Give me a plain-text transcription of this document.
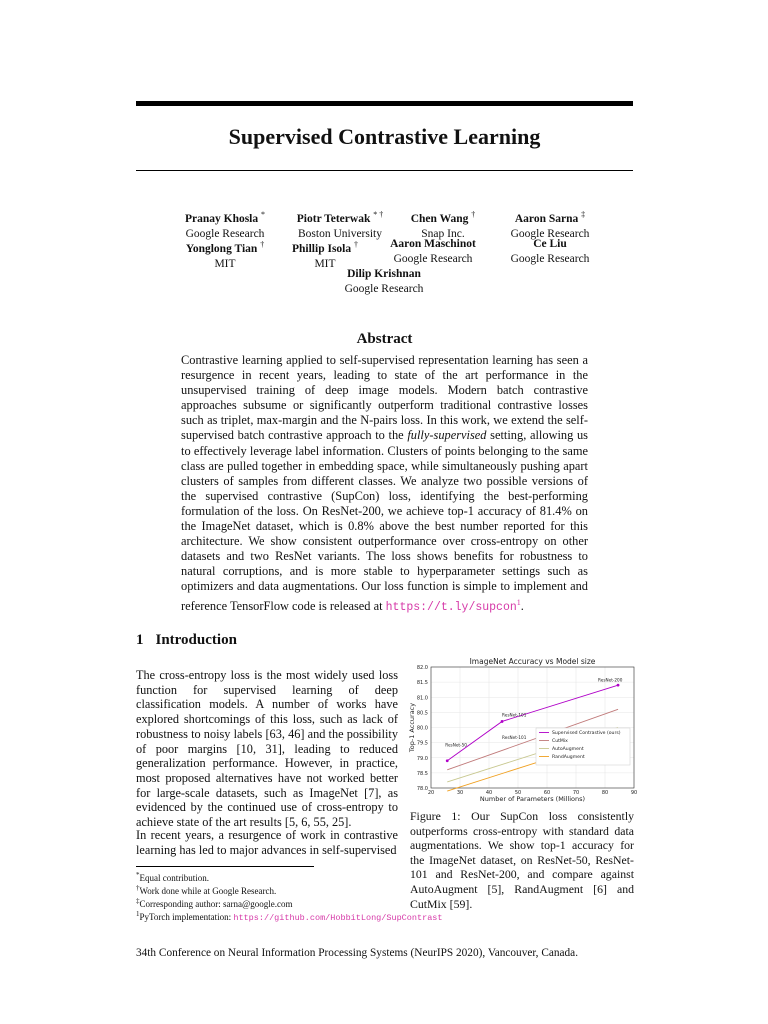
Supervised Contrastive Learning
Pranay Khosla *
Google Research
Piotr Teterwak * †
Boston University
Chen Wang †
Snap Inc.
Aaron Sarna ‡
Google Research
Yonglong Tian †
MIT
Phillip Isola †
MIT
Aaron Maschinot
Google Research
Ce Liu
Google Research
Dilip Krishnan
Google Research
Abstract
Contrastive learning applied to self-supervised representation learning has seen a resurgence in recent years, leading to state of the art performance in the unsupervised training of deep image models. Modern batch contrastive approaches subsume or significantly outperform traditional contrastive losses such as triplet, max-margin and the N-pairs loss. In this work, we extend the self-supervised batch contrastive approach to the fully-supervised setting, allowing us to effectively leverage label information. Clusters of points belonging to the same class are pulled together in embedding space, while simultaneously pushing apart clusters of samples from different classes. We analyze two possible versions of the supervised contrastive (SupCon) loss, identifying the best-performing formulation of the loss. On ResNet-200, we achieve top-1 accuracy of 81.4% on the ImageNet dataset, which is 0.8% above the best number reported for this architecture. We show consistent outperformance over cross-entropy on other datasets and two ResNet variants. The loss shows benefits for robustness to natural corruptions, and is more stable to hyperparameter settings such as optimizers and data augmentations. Our loss function is simple to implement and reference TensorFlow code is released at https://t.ly/supcon$^1$.
1 Introduction
The cross-entropy loss is the most widely used loss function for supervised learning of deep classification models. A number of works have explored shortcomings of this loss, such as lack of robustness to noisy labels [63, 46] and the possibility of poor margins [10, 31], leading to reduced generalization performance. However, in practice, most proposed alternatives have not worked better for large-scale datasets, such as ImageNet [7], as evidenced by the continued use of cross-entropy to achieve state of the art results [5, 6, 55, 25].
In recent years, a resurgence of work in contrastive learning has led to major advances in self-supervised
*Equal contribution.
†Work done while at Google Research.
‡Corresponding author: sarna@google.com
$^1$PyTorch implementation: https://github.com/HobbitLong/SupContrast
78.0
78.5
79.0
79.5
80.0
80.5
81.0
81.5
82.0
20	30	40	50	60	70	80	90
ImageNet Accuracy vs Model size
Number of Parameters (Millions)
Top-1 Accuracy	ResNet-50
ResNet-101
ResNet-101
ResNet-200
Supervised Contrastive (ours)
CutMix
AutoAugment
RandAugment
Figure 1: Our SupCon loss consistently outperforms cross-entropy with standard data augmentations. We show top-1 accuracy for the ImageNet dataset, on ResNet-50, ResNet-101 and ResNet-200, and compare against AutoAugment [5], RandAugment [6] and CutMix [59].
34th Conference on Neural Information Processing Systems (NeurIPS 2020), Vancouver, Canada.
